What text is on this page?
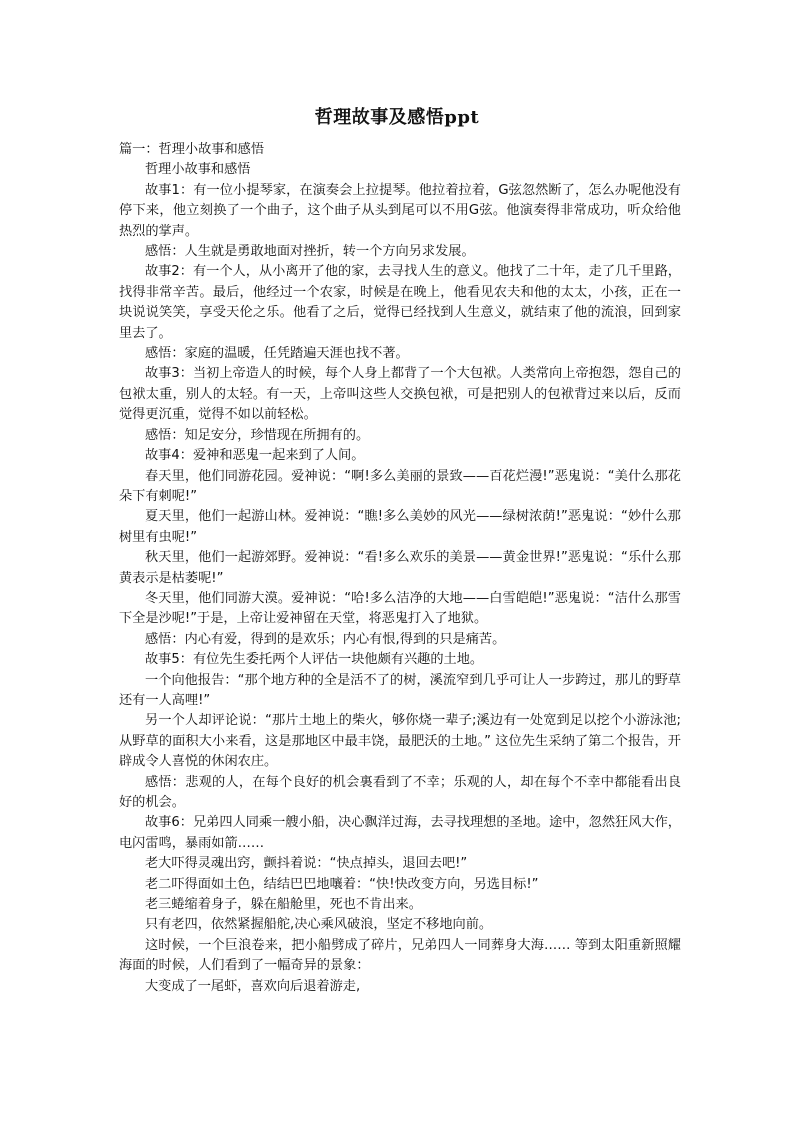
哲理故事及感悟ppt

篇一：哲理小故事和感悟

哲理小故事和感悟

故事1：有一位小提琴家，在演奏会上拉提琴。他拉着拉着，G弦忽然断了，怎么办呢他没有停下来，他立刻换了一个曲子，这个曲子从头到尾可以不用G弦。他演奏得非常成功，听众给他热烈的掌声。

感悟：人生就是勇敢地面对挫折，转一个方向另求发展。

故事2：有一个人，从小离开了他的家，去寻找人生的意义。他找了二十年，走了几千里路，找得非常辛苦。最后，他经过一个农家，时候是在晚上，他看见农夫和他的太太，小孩，正在一块说说笑笑，享受天伦之乐。他看了之后，觉得已经找到人生意义，就结束了他的流浪，回到家里去了。

感悟：家庭的温暖，任凭踏遍天涯也找不著。

故事3：当初上帝造人的时候，每个人身上都背了一个大包袱。人类常向上帝抱怨，怨自己的包袱太重，别人的太轻。有一天，上帝叫这些人交换包袱，可是把别人的包袱背过来以后，反而觉得更沉重，觉得不如以前轻松。

感悟：知足安分，珍惜现在所拥有的。

故事4：爱神和恶鬼一起来到了人间。

春天里，他们同游花园。爱神说：“啊!多么美丽的景致——百花烂漫!”恶鬼说：“美什么那花朵下有刺呢!”

夏天里，他们一起游山林。爱神说：“瞧!多么美妙的风光——绿树浓荫!”恶鬼说：“妙什么那树里有虫呢!”

秋天里，他们一起游郊野。爱神说：“看!多么欢乐的美景——黄金世界!”恶鬼说：“乐什么那黄表示是枯萎呢!”

冬天里，他们同游大漠。爱神说：“哈!多么洁净的大地——白雪皑皑!”恶鬼说：“洁什么那雪下全是沙呢!”于是，上帝让爱神留在天堂，将恶鬼打入了地狱。

感悟：内心有爱，得到的是欢乐；内心有恨,得到的只是痛苦。

故事5：有位先生委托两个人评估一块他颇有兴趣的土地。

一个向他报告：“那个地方种的全是活不了的树，溪流窄到几乎可让人一步跨过，那儿的野草还有一人高哩!”

另一个人却评论说：“那片土地上的柴火，够你烧一辈子;溪边有一处宽到足以挖个小游泳池;从野草的面积大小来看，这是那地区中最丰饶，最肥沃的土地。” 这位先生采纳了第二个报告，开辟成令人喜悦的休闲农庄。

感悟：悲观的人，在每个良好的机会裏看到了不幸；乐观的人，却在每个不幸中都能看出良好的机会。

故事6：兄弟四人同乘一艘小船，决心飘洋过海，去寻找理想的圣地。途中，忽然狂风大作，电闪雷鸣，暴雨如箭……

老大吓得灵魂出窍，颤抖着说：“快点掉头，退回去吧!”

老二吓得面如土色，结结巴巴地嚷着：“快!快改变方向，另选目标!”

老三蜷缩着身子，躲在船舱里，死也不肯出来。

只有老四，依然紧握船舵,决心乘风破浪，坚定不移地向前。

这时候，一个巨浪卷来，把小船劈成了碎片，兄弟四人一同葬身大海…… 等到太阳重新照耀海面的时候，人们看到了一幅奇异的景象：

大变成了一尾虾，喜欢向后退着游走,
